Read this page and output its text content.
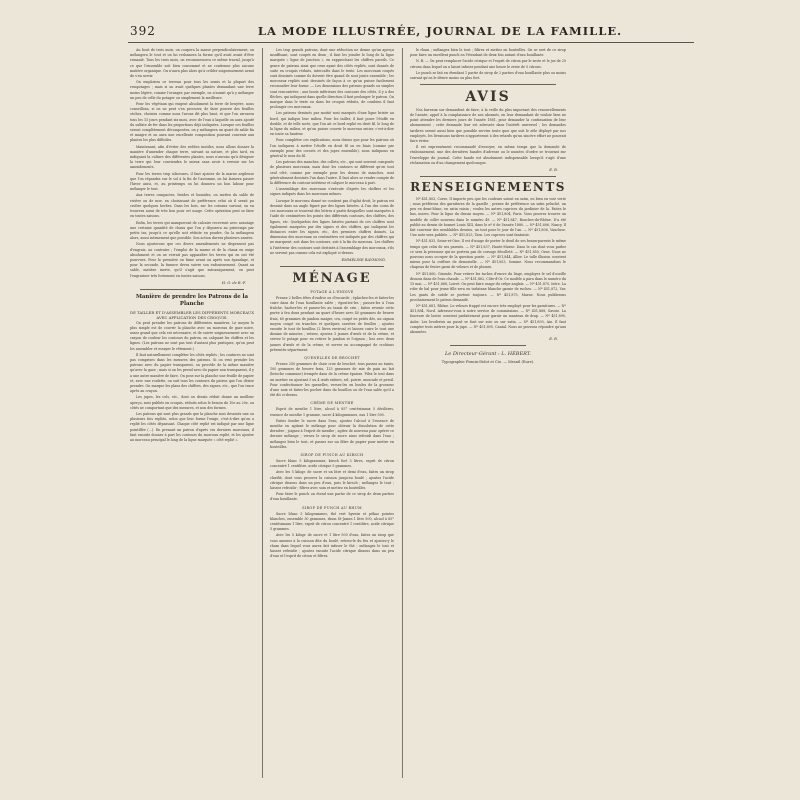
392	LA MODE ILLUSTRÉE, JOURNAL DE LA FAMILLE.

Au bout de trois mois, on coupera la masse perpendiculairement, on mélangera le tout et on lui redonnera la forme qu'il avait avant d'être remanié. Tous les trois mois, on recommencera ce même travail, jusqu'à ce que l'ensemble soit bien consommé et ne contienne plus aucune matière organique. On n'aura plus alors qu'à cribler soigneusement avant de s'en servir.

On emploiera ce terreau pour tous les semis et la plupart des rempotages ; mais si on avait quelques plantes demandant une terre moins légère, comme l'oranger, par exemple, on n'aurait qu'à y mélanger un peu de celle du potager ou simplement la meilleure.

Pour les végétaux qui exigent absolument la terre de bruyère, nous conseillons, si on ne peut s'en procurer, de faire pourrir des feuilles sèches, choisies comme nous l'avons dit plus haut, et que l'on arrosera tous les 15 jours pendant six mois, avec de l'eau à laquelle on aura ajouté du sulfate de fer dans les proportions déjà indiquées. Lorsque ces feuilles seront complètement décomposées, on y mélangera un quart de sable fin et maigre et on aura une excellente composition pouvant convenir aux plantes les plus difficiles.

Maintenant, afin d'éviter des redites inutiles, nous allons donner la manière d'amender chaque terre, suivant sa nature, et plus tard, en indiquant la culture des différentes plantes, nous n'aurons qu'à désigner la terre qui leur conviendra le mieux sans avoir à revenir sur les amendements.

Pour les terres trop siliceuses, il faut ajouter de la marne argileuse que l'on répandra sur le sol à la fin de l'automne, on lui laissera passer l'hiver ainsi, et, au printemps on lui donnera un bon labour pour mélanger le tout.

Aux terres compactes, froides et humides, on mettra du sable de rivière ou de mer, en choisissant de préférence celui où il serait pu croître quelques herbes. Dans les bois, sur les coteaux surtout, on en trouvera aussi de très bon pour cet usage. Cette opération peut se faire en toutes saisons.

Enfin, les terres qui manqueront de calcaire recevront avec avantage une certaine quantité de chaux que l'on y déposera au printemps par petits tas, jusqu'à ce qu'elle soit réduite en poudre. On la mélangera alors, aussi intimement que possible. Son action durera plusieurs années.

Nous ajouterons que ces divers amendements ne dispensent pas d'engrais, au contraire ; l'emploi de la marne et de la chaux en exige absolument et on ne verrait pas apparaître les terres qui en ont été pourvues. Pour la première on fume avant on après son épandage, et pour la seconde, la fumure devra suivre son enfouissement. Quant au sable, matière inerte, qu'il s'agit que mécaniquement, on peut l'engraisser très fortement en toutes saisons.

H. O. de B.-F.
Manière de prendre les Patrons de la Planche
DE TAILLER ET D'ASSEMBLER LES DIFFÉRENTS MORCEAUX AVEC APPLICATION DES CROQUIS.

On peut prendre les patrons de différentes manières. Le moyen le plus simple est de couvrir la planche avec un morceau de gaze noire, assez grand que cela est nécessaire, et de suivre soigneusement avec un crayon de couleur les contours du patron, en calquant les chiffres et les lignes. (Les patrons ne sont pas tout d'autant plus pratiques, qu'on peut les assembler et essayer le vêtement.)

Il faut naturellement compléter les côtés repliés ; les coutures ne sont pas comprises dans les mesures des patrons. Si on veut prendre les patrons avec du papier transparent, on procède de la même manière qu'avec la gaze ; mais si on les prend avec du papier non transparent, il y a une autre manière de faire. On pose sur la planche une feuille de papier et, avec une roulette, on suit tous les contours du patron que l'on désire prendre. On marque les plans des chiffres, des signes, etc., que l'on trace après au crayon.

Les jupes, les cols, etc., dont on dessin réduit donne un meilleur aperçu, sont publiés en croquis, réduits selon le besoin du 10e au 20e, ou côtés ne comportant que des mesures, et non des formes.

Les patrons qui sont plus grands que la planche sont dessinés une ou plusieurs fois repliés, selon que leur forme l'exige, c'est-à-dire qu'on a replié les côtés dépassant. Chaque côté replié est indiqué par une ligne pointillée (...). En prenant un patron d'après ces derniers morceaux, il faut ensuite donner à part les contours du morceau replié, et les ajouter au morceau principal le long de la ligne marquée « côté replié ».

Les trop grands patrons, dont une réduction ne donne qu'un aperçu insuffisant, sont coupés en deux ; il faut les joindre le long de la ligne marquée « ligne de jonction », en rapprochant les chiffres pareils. Ce genre de patrons ainsi que ceux ayant des côtés repliés, sont donnés de suite en croquis réduits, intercalés dans le texte. Les morceaux coupés sont dessinés comme ils doivent être quand ils sont joints ensemble ; les morceaux repliés sont dessinés de façon à ce qu'on puisse facilement reconnaître leur forme. — Les dimensions des patrons grands ou simples sont rencontrées ; aux bouts inférieurs des contours des côtés, il y a des flèches, qui indiquent dans quelle direction il faut prolonger le patron. On marque dans le texte ou dans les croquis réduits, de combien il faut prolonger ces morceaux.

Les patrons dessinés par moitié sont marqués d'une ligne brisée au bord, qui indique leur milieu. Pour les tailler, il faut poser l'étoffe en double, et de telle sorte, que l'on ait ce bord replié en droit fil, le long de la ligne du milieu, et qu'on puisse couvrir le morceau entier, c'est-à-dire en toute sa hauteur.

Pour compléter ces explications, nous dirons que pour les patrons où l'on indiquera à mettre l'étoffe en droit fil ou en biais (comme par exemple pour des corsets et des jupes ensemble), nous indiquons en général le sens du fil.

Les patrons des manches, des collets, etc., qui sont souvent composés de plusieurs morceaux, mais dont les contours se diffèrent qu'en tout seul côté, comme par exemple pour les dessus de manches, sont généralement dessinés l'un dans l'autre. Il faut alors se rendre compte de la différence du contour intérieur et calquer le morceau à part.

L'assemblage des morceaux s'exécute d'après les chiffres et les signes indiqués dans les morceaux mêmes.

Lorsque le morceau donné ne contient pas d'aplat droit, le patron est dessiné dans un angle figuré par des lignes brisées. A l'un des coins de ces morceaux se trouvent des lettres à partir desquelles sont marquées à l'aide de centimètres les points des différents contours, des chiffres, des lignes, etc. Quelquefois des lignes brisées partant de ces chiffres sont également marquées par des signes et des chiffres, qui indiquent les distances entre les signes, etc., des premiers chiffres donnés. La dimension des morceaux ou centimètres est indiquée par des chiffres qui ne marquent, soit dans les contours, soit à la fin du morceau. Les chiffres à l'intérieur des contours sont destinés à l'assemblage des morceaux, s'ils ne servent pas comme cela est expliqué ci-dessus.

EMMELINE RAYMOND.
MÉNAGE
POTAGE À L'ENDIVE

Prenez 2 belles têtes d'endive ou d'escarole ; épluchez-les et faites-les cuire dans de l'eau bouillante salée ; égouttez-les ; passez-les à l'eau fraîche, hachez-les et passez-les au tamis de crin ; faites revenir cette purée à feu doux pendant un quart d'heure avec 40 grammes de beurre frais, 60 grammes de jambon maigre, cru, coupé en petits dés, un oignon moyen coupé en tranches et quelques carottes de feuilles ; ajoutez ensuite le tout de bouillon (2 litres environ) et laissez cuire le tout une dizaine de minutes ; retirez, ajoutez 3 jaunes d'œufs et de la crème, et servez le potage pour en retirer le jambon et l'oignon ; liez avec deux jaunes d'œufs et de la crème, et servez en accompagné de croûtons présentés séparément.

QUENELLES DE BROCHET

Prenez 250 grammes de chair crue de brochet, tous passez au tamis, 100 grammes de beurre frais, 125 grammes de mie de pain au lait (brioche commune) trempée dans de la crème épaisse. Pilez le tout dans un mortier en ajoutant 3 ou 4 œufs entiers, sel, poivre, muscade et persil. Pour confectionner les quenelles, versez-les en boules de la grosseur d'une noix et faites-les pocher dans du bouillon ou de l'eau salée qu'il a été dit ci-dessus.

CRÈME DE MENTHE

Esprit de menthe 1 litre, alcool à 85° centésimaux 5 décilitres, essence de menthe 1 gramme, sucre 4 kilogrammes, eau 1 litre 500.

Faites fondre le sucre dans l'eau, ajoutez l'alcool à l'essence de menthe en agitant le mélange pour obtenir la dissolution de cette dernière ; joignez à l'esprit de menthe ; agitez de nouveau pour opérer ce dernier mélange ; versez le sirop de sucre ainsi refroidi dans l'eau ; mélangez bien le tout, et passez sur un filtre de papier pour mettre en bouteilles.

SIROP DE PUNCH AU KIRSCH

Sucre blanc 5 kilogrammes, kirsch fort 3 litres, esprit de citron concentré 1 centilitre, acide citrique 5 grammes.

Avec les 5 kilogr. de sucre et un litre et demi d'eau, faites un sirop clarifié, dont vous prouvez la cuisson jusqu'au boulé ; ajoutez l'acide citrique dissous dans un peu d'eau, puis le kirsch ; mélangez le tout ; laissez refroidir ; filtrez avec soin et mettez en bouteilles.

Pour faire le punch on étend une partie de ce sirop de deux parties d'eau bouillante.

SIROP DE PUNCH AU RHUM

Sucre blanc 5 kilogrammes, thé vert hyswin et pékao pointes blanches, ensemble 30 grammes, rhum St-James 1 litre 500, alcool à 85° centésimaux 1 litre, esprit de citron concentré 1 centilitre, acide citrique 5 grammes.

Avec les 5 kilogr. de sucre et 1 litre 500 d'eau, faites un sirop que vous amenez à la cuisson dite du boulé, retirez-le du feu et ajoutez-y le rhum dans lequel vous aurez fait infuser le thé ; mélangez le tout et laissez refroidir ; ajoutez ensuite l'acide citrique dissous dans un peu d'eau et l'esprit de citron et filtrez.

le rhum ; mélangez bien le tout ; filtrez et mettez en bouteilles. On se sert de ce sirop pour faire un excellent punch en l'étendant de deux fois autant d'eau bouillante.

N. B. — On peut remplacer l'acide citrique et l'esprit de citron par le zeste et le jus de 20 citrons dans lequel on a laissé infuser pendant une heure le zeste de 5 citrons.

Le punch se fait en étendant 1 partie de sirop de 2 parties d'eau bouillante plus ou moins suivant qu'on le désire moins ou plus fort.

AVIS

Nos bureaux sur demandent de faire, à la veille du plus important des renouvellements de l'année, appel à la complaisance de nos abonnés, en leur demandant de vouloir bien ne point attendre les derniers jours de l'année 1881, pour demander la continuation de leur abonnement ; cette demande leur est adressée dans l'intérêt universel ; les demandes tardives seront aussi bien que possible servies toute quoi que soit le zèle déployé par nos employés, les livraisons tardives n'apporteront à des retards qu'un sincère effort ne pourrait faire éviter.

Il est expressément recommandé d'envoyer, en même temps que la demande de réabonnement, une des dernières bandes d'adresse ou le numéro d'ordre se trouvant sur l'enveloppe du journal. Cette bande est absolument indispensable lorsqu'il s'agit d'une réclamation ou d'un changement quelconque.

E. R.
RENSEIGNEMENTS

Nº 451,803, Corse. Il importe peu que les couleurs soient en satin, en bien en voie verte ; nous préférons des garnitures de la gazelle ; prenez de préférence un satin peluché, un peu en demi-blanc, en satin raisin ; voulez les autres caprices du jardinier de la. Faites le bas, noires. Pour la ligne du dessin moyen. — Nº 451,804, Paris. Vous pourrez trouver un modèle de collet nouveau dans le numéro 49. — Nº 451,847, Bouches-du-Rhône. D'a été publié au dessin de bonnet Louis XIII, dans le nº 6 de l'année 1880. — Nº 451,806, Nancy. Il fait convenir des semblables dessins, un tout pour le jour de l'an. — Nº 451,806, Vaucluse. Une note sera publiée. — Nº 451,825, Tarn. Les caprices sont fantaisie.

Nº 451,833, Seine-et-Oise. Il est d'usage de porter le deuil de ses beaux-parents le même temps que celui de ses parents. — Nº 451,837, Haute-Marne. Dans le cas dont vous parlez ce sera la personne qui ne portera pas de corsage décolleté. — Nº 451,850, Orne. Nous ne pouvons nous occuper de la question posée. — Nº 451,844, Allier. Le tulle illusion convient mieux pour la coiffure de demoiselle. — Nº 451,853, Somme. Nous recommandons le chapeau de feutre garni de velours et de plumes.

Nº 451,860, Gironde. Pour retirer les taches d'encre du linge, employez le sel d'oseille dissous dans de l'eau chaude. — Nº 451,862, Côte-d'Or. Ce modèle a paru dans le numéro du 15 mai. — Nº 451,868, Loiret. On peut faire usage du crêpe anglais. — Nº 451,870, Isère. La robe de bal pour jeune fille sera en tarlatane blanche garnie de ruches. — Nº 451,872, Var. Les gants de suède se portent toujours. — Nº 451,875, Marne. Nous publierons prochainement le patron demandé.

Nº 451,881, Rhône. Le velours frappé est encore très employé pour les garnitures. — Nº 451,884, Nord. Adressez-vous à notre service de commissions. — Nº 451,888, Savoie. La fourrure de loutre convient parfaitement pour garnir un manteau de drap. — Nº 451,890, Aube. Les broderies au passé se font sur soie ou sur satin. — Nº 451,893, Ain. Il faut compter trois mètres pour la jupe. — Nº 451,895, Cantal. Nous ne pouvons répondre qu'aux abonnées.

E. R.
Le Directeur-Gérant : L. HÉBERT.
Typographie Firmin-Didot et Cie. — Mesnil (Eure).
